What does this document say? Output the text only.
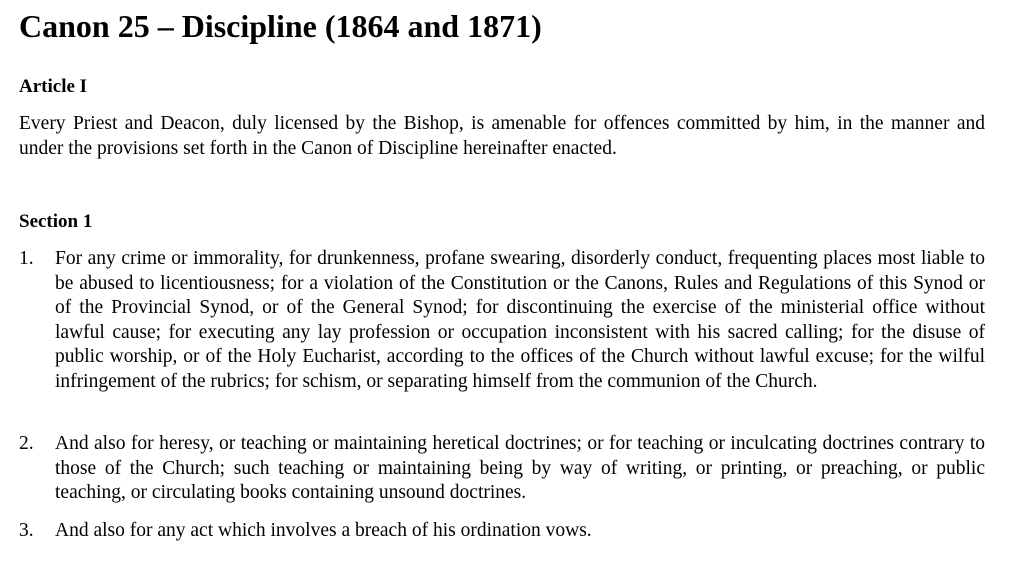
Canon 25 – Discipline (1864 and 1871)
Article I

Every Priest and Deacon, duly licensed by the Bishop, is amenable for offences committed by him, in the manner and under the provisions set forth in the Canon of Discipline hereinafter enacted.

Section 1
1.	For any crime or immorality, for drunkenness, profane swearing, disorderly conduct, frequenting places most liable to be abused to licentiousness; for a violation of the Constitution or the Canons, Rules and Regulations of this Synod or of the Provincial Synod, or of the General Synod; for discontinuing the exercise of the ministerial office without lawful cause; for executing any lay profession or occupation inconsistent with his sacred calling; for the disuse of public worship, or of the Holy Eucharist, according to the offices of the Church without lawful excuse; for the wilful infringement of the rubrics; for schism, or separating himself from the communion of the Church.

2.	And also for heresy, or teaching or maintaining heretical doctrines; or for teaching or inculcating doctrines contrary to those of the Church; such teaching or maintaining being by way of writing, or printing, or preaching, or public teaching, or circulating books containing unsound doctrines.

3.	And also for any act which involves a breach of his ordination vows.
